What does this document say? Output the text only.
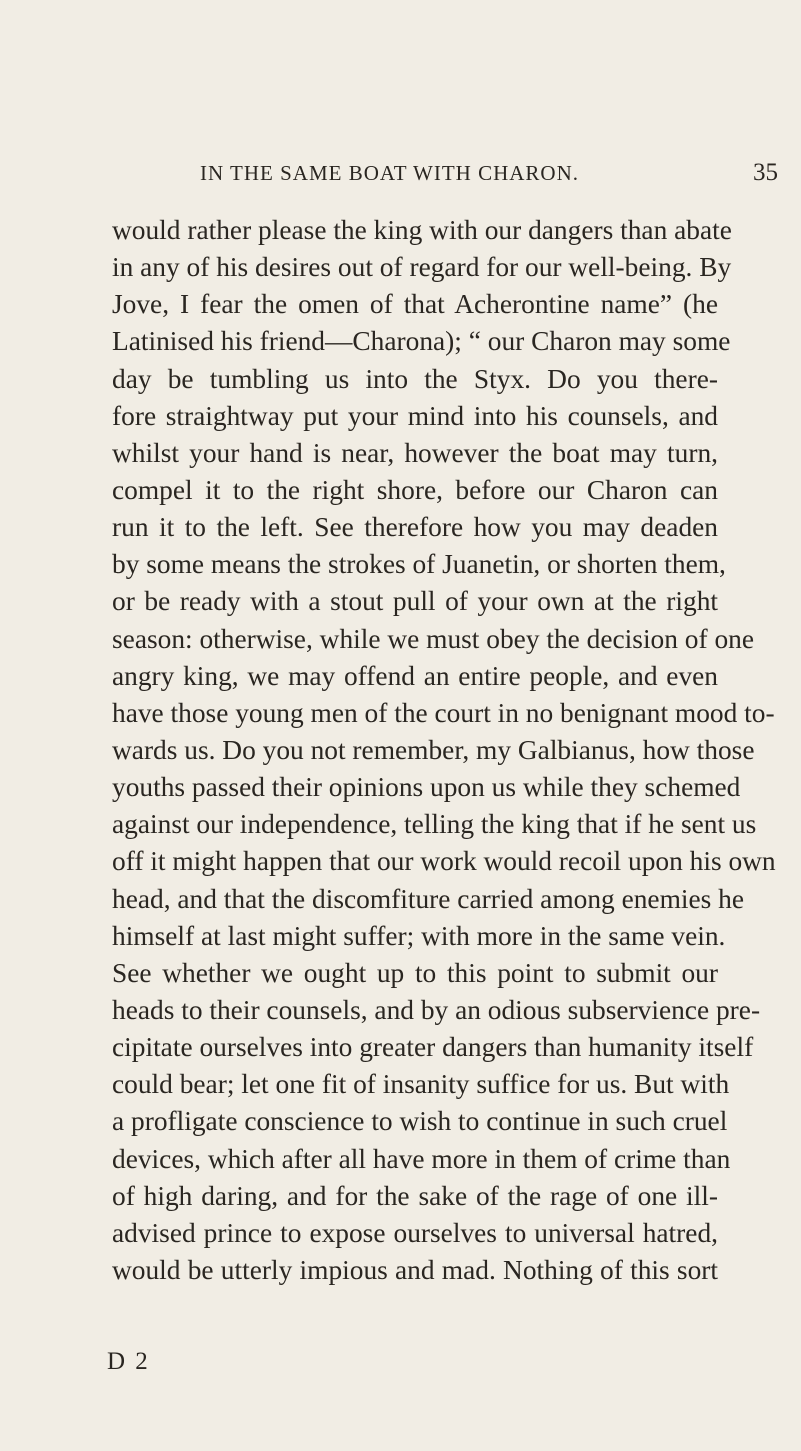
IN THE SAME BOAT WITH CHARON.	35
would rather please the king with our dangers than abate
in any of his desires out of regard for our well-being. By
Jove, I fear the omen of that Acherontine name” (he
Latinised his friend—Charona); “ our Charon may some
day be tumbling us into the Styx. Do you there-
fore straightway put your mind into his counsels, and
whilst your hand is near, however the boat may turn,
compel it to the right shore, before our Charon can
run it to the left. See therefore how you may deaden
by some means the strokes of Juanetin, or shorten them,
or be ready with a stout pull of your own at the right
season: otherwise, while we must obey the decision of one
angry king, we may offend an entire people, and even
have those young men of the court in no benignant mood to-
wards us. Do you not remember, my Galbianus, how those
youths passed their opinions upon us while they schemed
against our independence, telling the king that if he sent us
off it might happen that our work would recoil upon his own
head, and that the discomfiture carried among enemies he
himself at last might suffer; with more in the same vein.
See whether we ought up to this point to submit our
heads to their counsels, and by an odious subservience pre-
cipitate ourselves into greater dangers than humanity itself
could bear; let one fit of insanity suffice for us. But with
a profligate conscience to wish to continue in such cruel
devices, which after all have more in them of crime than
of high daring, and for the sake of the rage of one ill-
advised prince to expose ourselves to universal hatred,
would be utterly impious and mad. Nothing of this sort
D 2
